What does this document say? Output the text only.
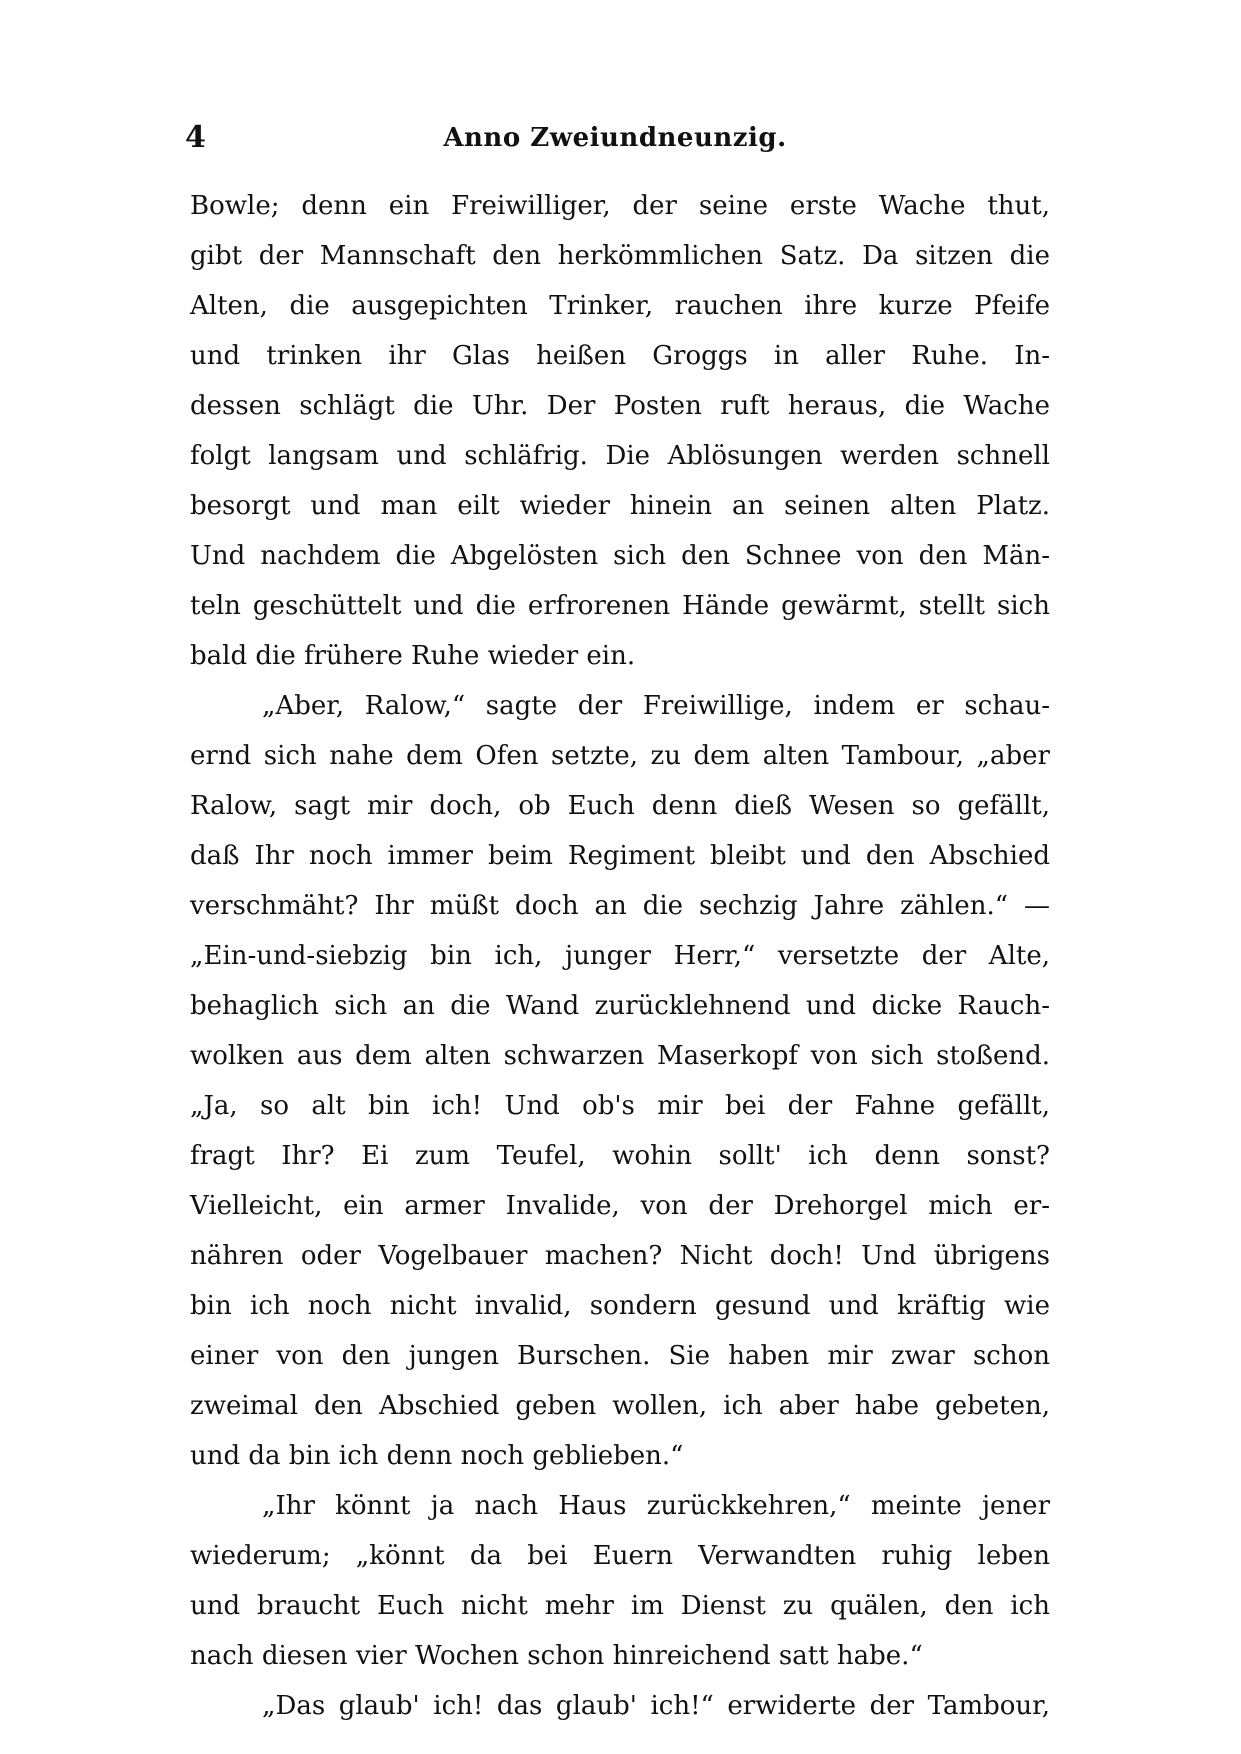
4	Anno Zweiundneunzig.
Bowle; denn ein Freiwilliger, der seine erste Wache thut,
gibt der Mannschaft den herkömmlichen Satz. Da sitzen die
Alten, die ausgepichten Trinker, rauchen ihre kurze Pfeife
und trinken ihr Glas heißen Groggs in aller Ruhe. In-
dessen schlägt die Uhr. Der Posten ruft heraus, die Wache
folgt langsam und schläfrig. Die Ablösungen werden schnell
besorgt und man eilt wieder hinein an seinen alten Platz.
Und nachdem die Abgelösten sich den Schnee von den Män-
teln geschüttelt und die erfrorenen Hände gewärmt, stellt sich
bald die frühere Ruhe wieder ein.
„Aber, Ralow,“ sagte der Freiwillige, indem er schau-
ernd sich nahe dem Ofen setzte, zu dem alten Tambour, „aber
Ralow, sagt mir doch, ob Euch denn dieß Wesen so gefällt,
daß Ihr noch immer beim Regiment bleibt und den Abschied
verschmäht? Ihr müßt doch an die sechzig Jahre zählen.“ —
„Ein-und-siebzig bin ich, junger Herr,“ versetzte der Alte,
behaglich sich an die Wand zurücklehnend und dicke Rauch-
wolken aus dem alten schwarzen Maserkopf von sich stoßend.
„Ja, so alt bin ich! Und ob's mir bei der Fahne gefällt,
fragt Ihr? Ei zum Teufel, wohin sollt' ich denn sonst?
Vielleicht, ein armer Invalide, von der Drehorgel mich er-
nähren oder Vogelbauer machen? Nicht doch! Und übrigens
bin ich noch nicht invalid, sondern gesund und kräftig wie
einer von den jungen Burschen. Sie haben mir zwar schon
zweimal den Abschied geben wollen, ich aber habe gebeten,
und da bin ich denn noch geblieben.“
„Ihr könnt ja nach Haus zurückkehren,“ meinte jener
wiederum; „könnt da bei Euern Verwandten ruhig leben
und braucht Euch nicht mehr im Dienst zu quälen, den ich
nach diesen vier Wochen schon hinreichend satt habe.“
„Das glaub' ich! das glaub' ich!“ erwiderte der Tambour,
